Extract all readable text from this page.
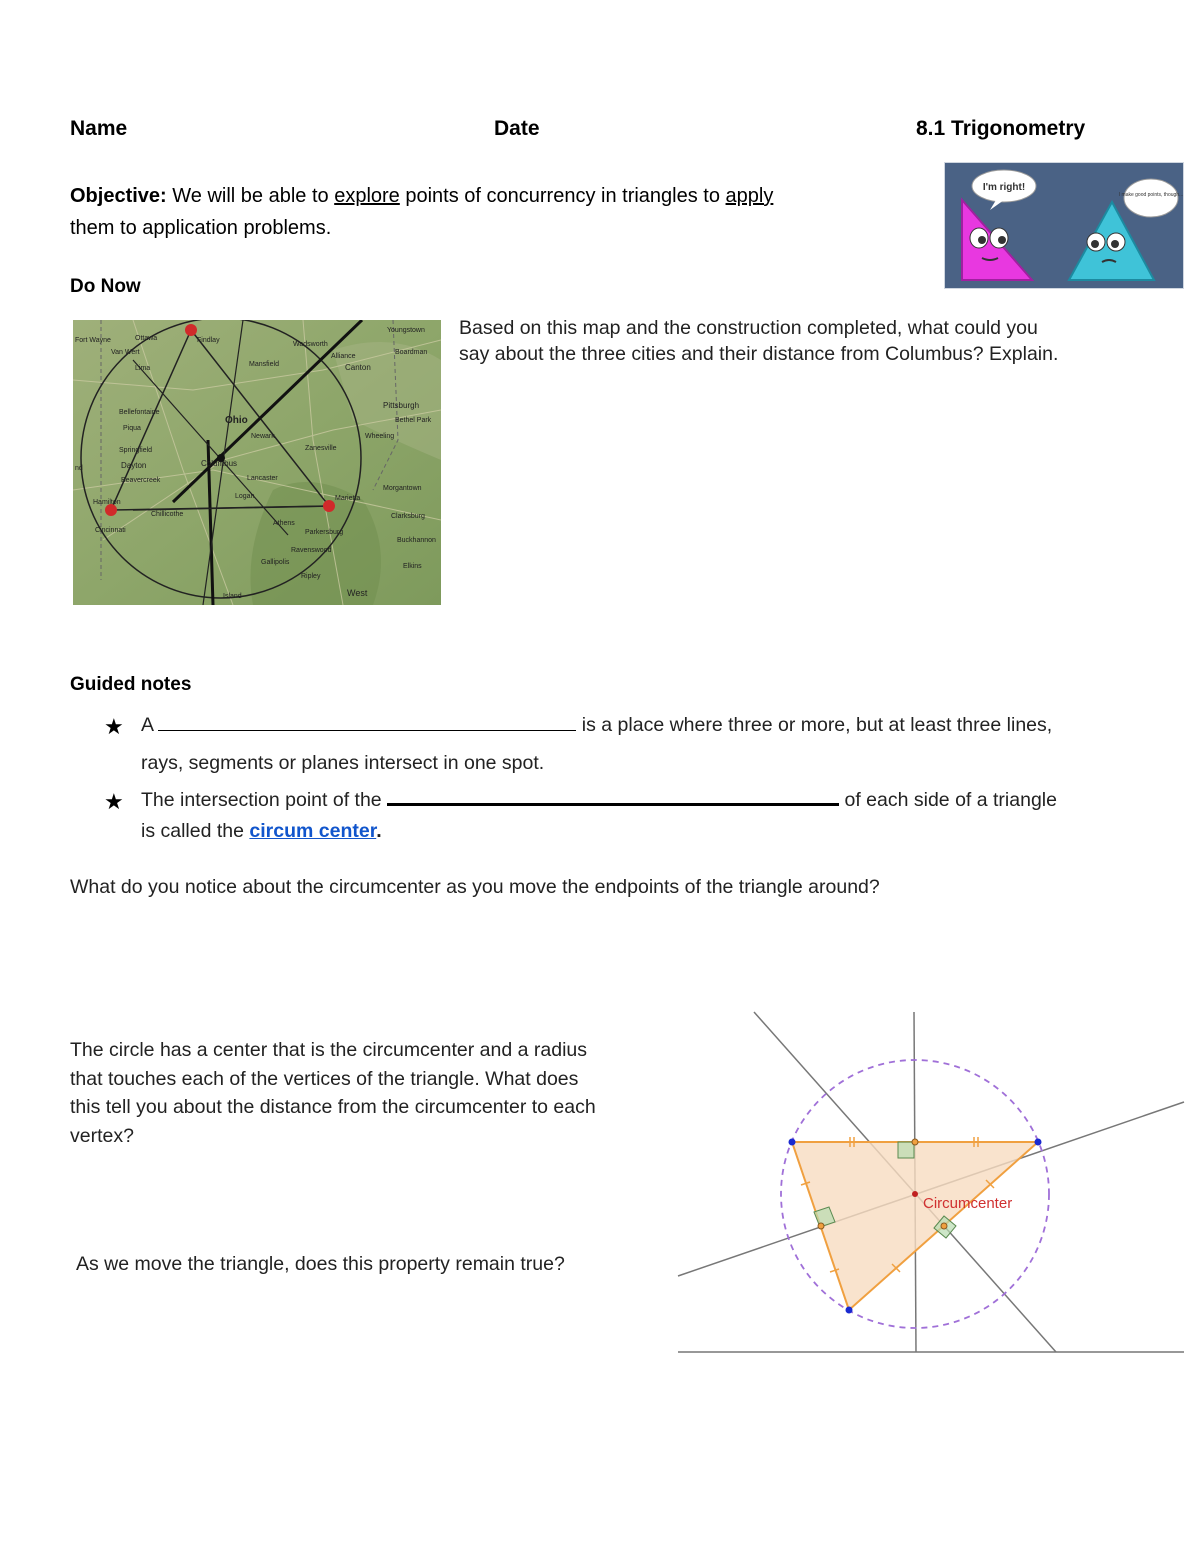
Name	Date	8.1 Trigonometry
Objective: We will be able to explore points of concurrency in triangles to apply
them to application problems.
I'm right!
I make good points, though...
Do Now
Fort Wayne	Ottawa
Van Wert
Lima
Findlay
Mansfield
Wadsworth
Alliance
Canton
Youngstown
Boardman
Pittsburgh
Bethel Park
Wheeling
Ohio
Newark
Zanesville
Columbus
Lancaster
Logan
Athens
Parkersburg
Marietta
Morgantown
Dayton
Springfield
Piqua
Bellefontaine
Beavercreek
Hamilton
Cincinnati
Chillicothe
Ravenswood
Ripley
Gallipolis
Clarksburg
Buckhannon
Elkins
West
nd
Island
Based on this map and the construction completed, what could you
say about the three cities and their distance from Columbus? Explain.
Guided notes
★ A	is a place where three or more, but at least three lines,
rays, segments or planes intersect in one spot.
★ The intersection point of the	of each side of a triangle
is called the circum center.
What do you notice about the circumcenter as you move the endpoints of the triangle around?
The circle has a center that is the circumcenter and a radius
that touches each of the vertices of the triangle. What does
this tell you about the distance from the circumcenter to each
vertex?
As we move the triangle, does this property remain true?
Circumcenter
